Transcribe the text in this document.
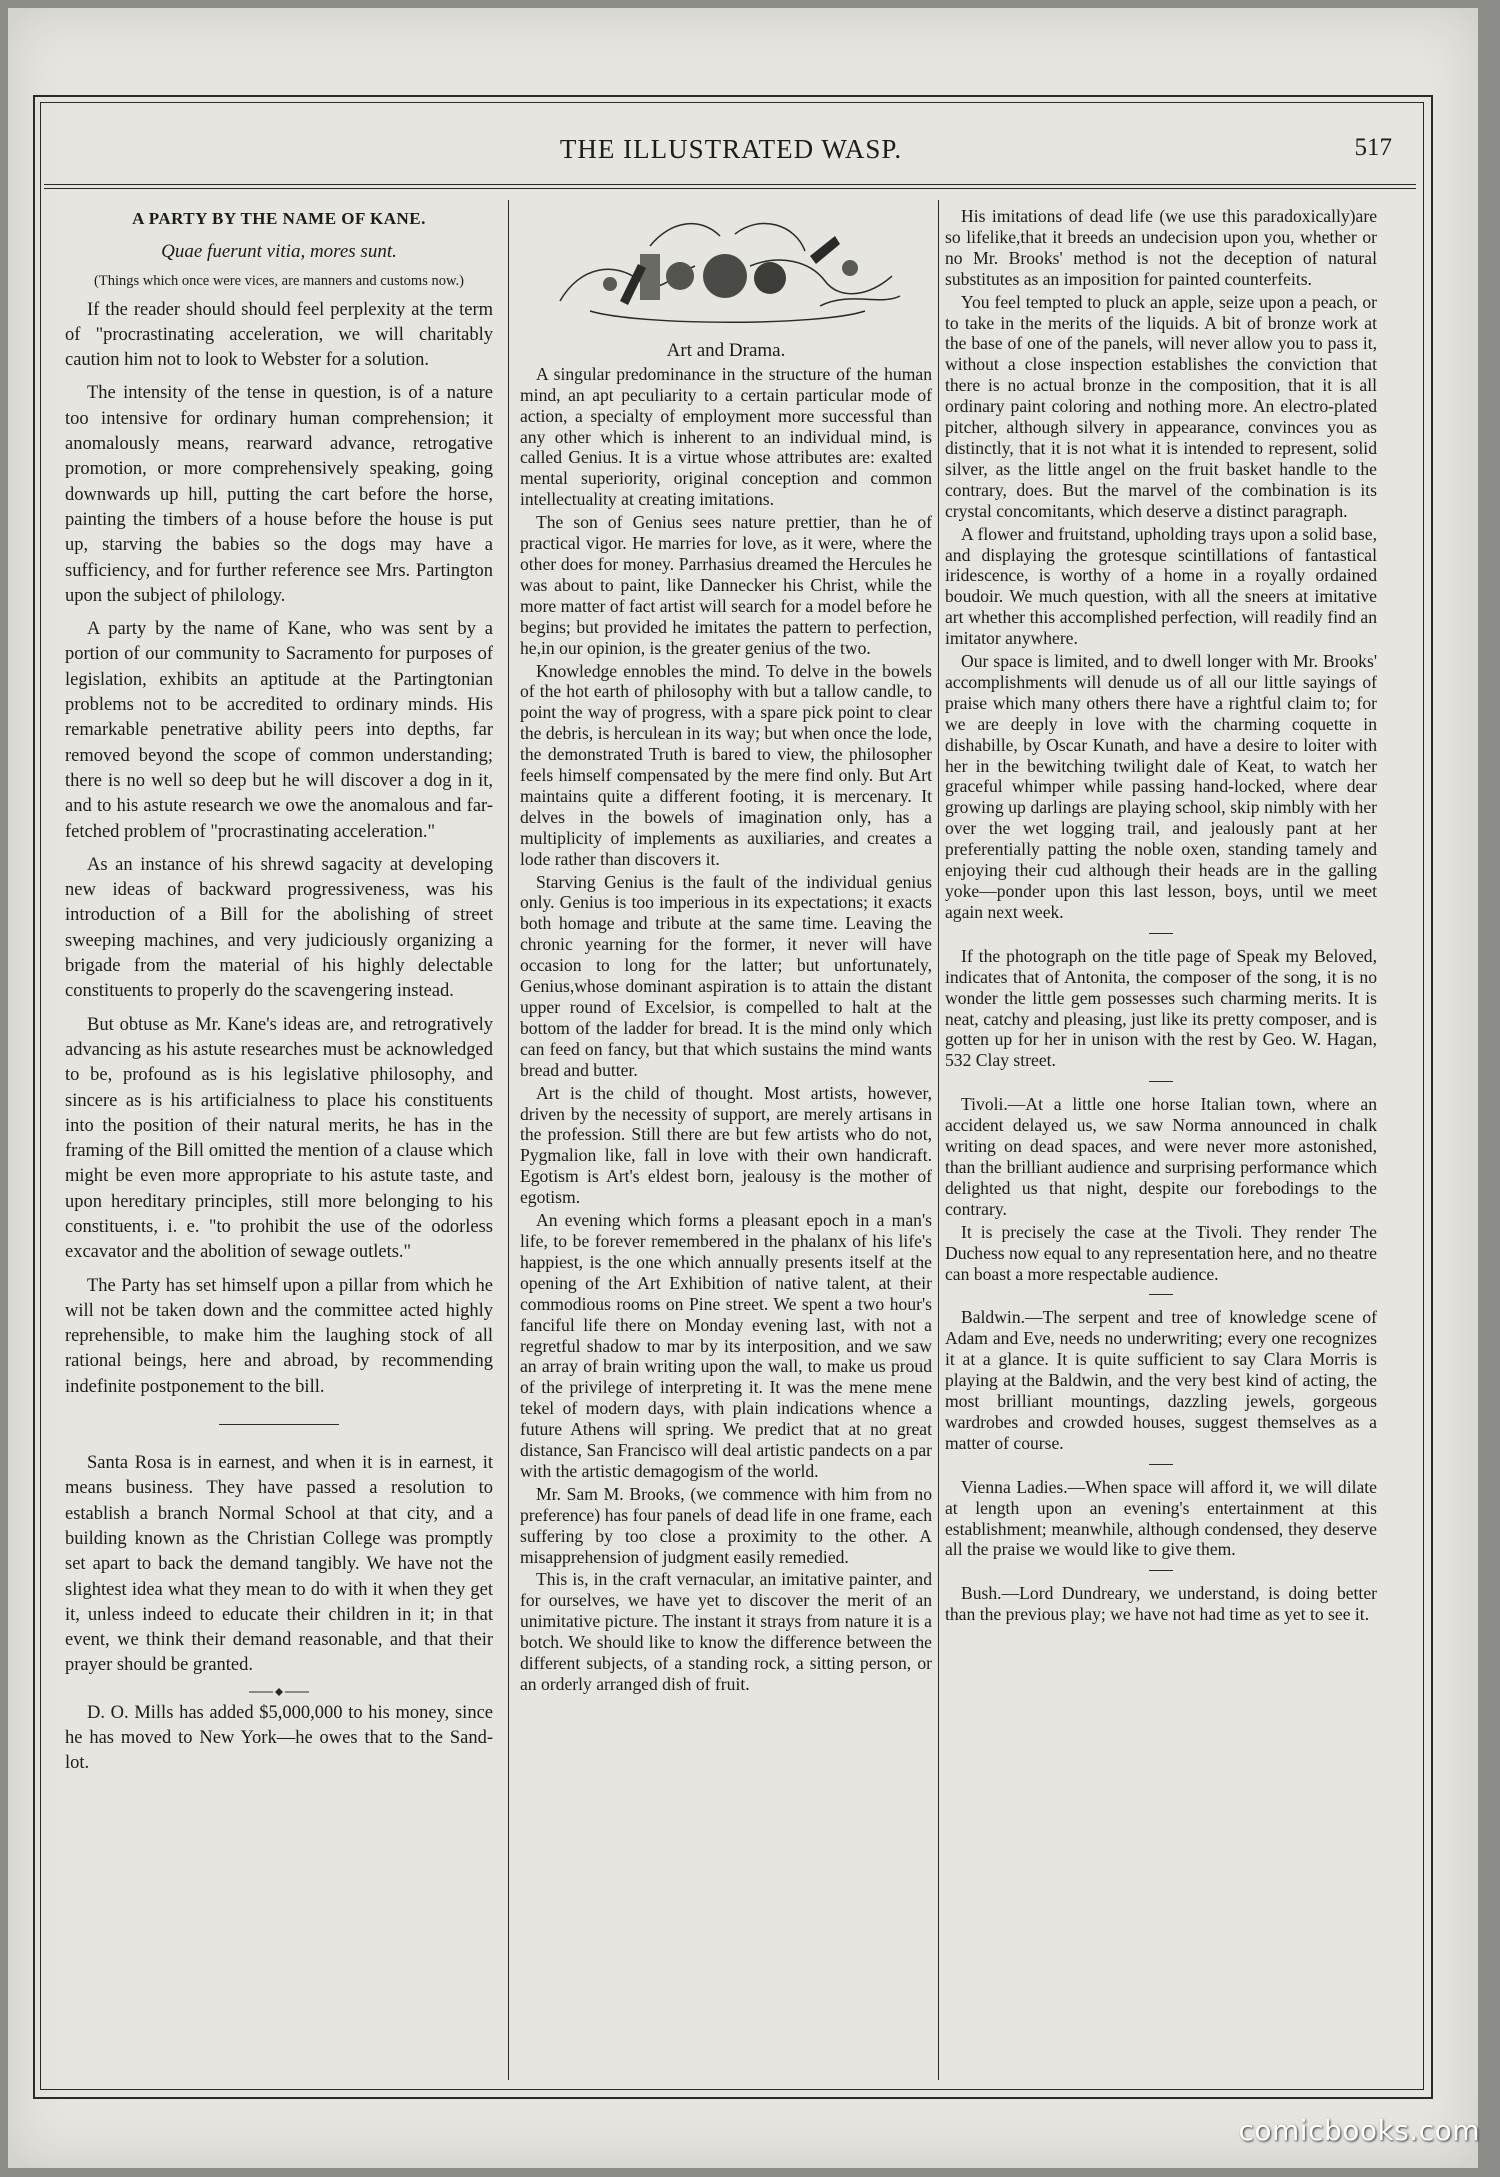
THE ILLUSTRATED WASP.	517

A PARTY BY THE NAME OF KANE.

Quae fuerunt vitia, mores sunt.

(Things which once were vices, are manners and customs now.)

If the reader should should feel perplexity at the term of "procrastinating acceleration, we will charitably caution him not to look to Webster for a solution.

The intensity of the tense in question, is of a nature too intensive for ordinary human comprehension; it anomalously means, rearward advance, retrogative promotion, or more comprehensively speaking, going downwards up hill, putting the cart before the horse, painting the timbers of a house before the house is put up, starving the babies so the dogs may have a sufficiency, and for further reference see Mrs. Partington upon the subject of philology.

A party by the name of Kane, who was sent by a portion of our community to Sacramento for purposes of legislation, exhibits an aptitude at the Partingtonian problems not to be accredited to ordinary minds. His remarkable penetrative ability peers into depths, far removed beyond the scope of common understanding; there is no well so deep but he will discover a dog in it, and to his astute research we owe the anomalous and far-fetched problem of "procrastinating acceleration."

As an instance of his shrewd sagacity at developing new ideas of backward progressiveness, was his introduction of a Bill for the abolishing of street sweeping machines, and very judiciously organizing a brigade from the material of his highly delectable constituents to properly do the scavengering instead.

But obtuse as Mr. Kane's ideas are, and retrogratively advancing as his astute researches must be acknowledged to be, profound as is his legislative philosophy, and sincere as is his artificialness to place his constituents into the position of their natural merits, he has in the framing of the Bill omitted the mention of a clause which might be even more appropriate to his astute taste, and upon hereditary principles, still more belonging to his constituents, i. e. "to prohibit the use of the odorless excavator and the abolition of sewage outlets."

The Party has set himself upon a pillar from which he will not be taken down and the committee acted highly reprehensible, to make him the laughing stock of all rational beings, here and abroad, by recommending indefinite postponement to the bill.

Santa Rosa is in earnest, and when it is in earnest, it means business. They have passed a resolution to establish a branch Normal School at that city, and a building known as the Christian College was promptly set apart to back the demand tangibly. We have not the slightest idea what they mean to do with it when they get it, unless indeed to educate their children in it; in that event, we think their demand reasonable, and that their prayer should be granted.

D. O. Mills has added $5,000,000 to his money, since he has moved to New York—he owes that to the Sand-lot.

Art and Drama.

A singular predominance in the structure of the human mind, an apt peculiarity to a certain particular mode of action, a specialty of employment more successful than any other which is inherent to an individual mind, is called Genius. It is a virtue whose attributes are: exalted mental superiority, original conception and common intellectuality at creating imitations.

The son of Genius sees nature prettier, than he of practical vigor. He marries for love, as it were, where the other does for money. Parrhasius dreamed the Hercules he was about to paint, like Dannecker his Christ, while the more matter of fact artist will search for a model before he begins; but provided he imitates the pattern to perfection, he,in our opinion, is the greater genius of the two.

Knowledge ennobles the mind. To delve in the bowels of the hot earth of philosophy with but a tallow candle, to point the way of progress, with a spare pick point to clear the debris, is herculean in its way; but when once the lode, the demonstrated Truth is bared to view, the philosopher feels himself compensated by the mere find only. But Art maintains quite a different footing, it is mercenary. It delves in the bowels of imagination only, has a multiplicity of implements as auxiliaries, and creates a lode rather than discovers it.

Starving Genius is the fault of the individual genius only. Genius is too imperious in its expectations; it exacts both homage and tribute at the same time. Leaving the chronic yearning for the former, it never will have occasion to long for the latter; but unfortunately, Genius,whose dominant aspiration is to attain the distant upper round of Excelsior, is compelled to halt at the bottom of the ladder for bread. It is the mind only which can feed on fancy, but that which sustains the mind wants bread and butter.

Art is the child of thought. Most artists, however, driven by the necessity of support, are merely artisans in the profession. Still there are but few artists who do not, Pygmalion like, fall in love with their own handicraft. Egotism is Art's eldest born, jealousy is the mother of egotism.

An evening which forms a pleasant epoch in a man's life, to be forever remembered in the phalanx of his life's happiest, is the one which annually presents itself at the opening of the Art Exhibition of native talent, at their commodious rooms on Pine street. We spent a two hour's fanciful life there on Monday evening last, with not a regretful shadow to mar by its interposition, and we saw an array of brain writing upon the wall, to make us proud of the privilege of interpreting it. It was the mene mene tekel of modern days, with plain indications whence a future Athens will spring. We predict that at no great distance, San Francisco will deal artistic pandects on a par with the artistic demagogism of the world.

Mr. Sam M. Brooks, (we commence with him from no preference) has four panels of dead life in one frame, each suffering by too close a proximity to the other. A misapprehension of judgment easily remedied.

This is, in the craft vernacular, an imitative painter, and for ourselves, we have yet to discover the merit of an unimitative picture. The instant it strays from nature it is a botch. We should like to know the difference between the different subjects, of a standing rock, a sitting person, or an orderly arranged dish of fruit.

His imitations of dead life (we use this paradoxically)are so lifelike,that it breeds an undecision upon you, whether or no Mr. Brooks' method is not the deception of natural substitutes as an imposition for painted counterfeits.

You feel tempted to pluck an apple, seize upon a peach, or to take in the merits of the liquids. A bit of bronze work at the base of one of the panels, will never allow you to pass it, without a close inspection establishes the conviction that there is no actual bronze in the composition, that it is all ordinary paint coloring and nothing more. An electro-plated pitcher, although silvery in appearance, convinces you as distinctly, that it is not what it is intended to represent, solid silver, as the little angel on the fruit basket handle to the contrary, does. But the marvel of the combination is its crystal concomitants, which deserve a distinct paragraph.

A flower and fruitstand, upholding trays upon a solid base, and displaying the grotesque scintillations of fantastical iridescence, is worthy of a home in a royally ordained boudoir. We much question, with all the sneers at imitative art whether this accomplished perfection, will readily find an imitator anywhere.

Our space is limited, and to dwell longer with Mr. Brooks' accomplishments will denude us of all our little sayings of praise which many others there have a rightful claim to; for we are deeply in love with the charming coquette in dishabille, by Oscar Kunath, and have a desire to loiter with her in the bewitching twilight dale of Keat, to watch her graceful whimper while passing hand-locked, where dear growing up darlings are playing school, skip nimbly with her over the wet logging trail, and jealously pant at her preferentially patting the noble oxen, standing tamely and enjoying their cud although their heads are in the galling yoke—ponder upon this last lesson, boys, until we meet again next week.

If the photograph on the title page of Speak my Beloved, indicates that of Antonita, the composer of the song, it is no wonder the little gem possesses such charming merits. It is neat, catchy and pleasing, just like its pretty composer, and is gotten up for her in unison with the rest by Geo. W. Hagan, 532 Clay street.

Tivoli.—At a little one horse Italian town, where an accident delayed us, we saw Norma announced in chalk writing on dead spaces, and were never more astonished, than the brilliant audience and surprising performance which delighted us that night, despite our forebodings to the contrary.

It is precisely the case at the Tivoli. They render The Duchess now equal to any representation here, and no theatre can boast a more respectable audience.

Baldwin.—The serpent and tree of knowledge scene of Adam and Eve, needs no underwriting; every one recognizes it at a glance. It is quite sufficient to say Clara Morris is playing at the Baldwin, and the very best kind of acting, the most brilliant mountings, dazzling jewels, gorgeous wardrobes and crowded houses, suggest themselves as a matter of course.

Vienna Ladies.—When space will afford it, we will dilate at length upon an evening's entertainment at this establishment; meanwhile, although condensed, they deserve all the praise we would like to give them.

Bush.—Lord Dundreary, we understand, is doing better than the previous play; we have not had time as yet to see it.

comicbooks.com
